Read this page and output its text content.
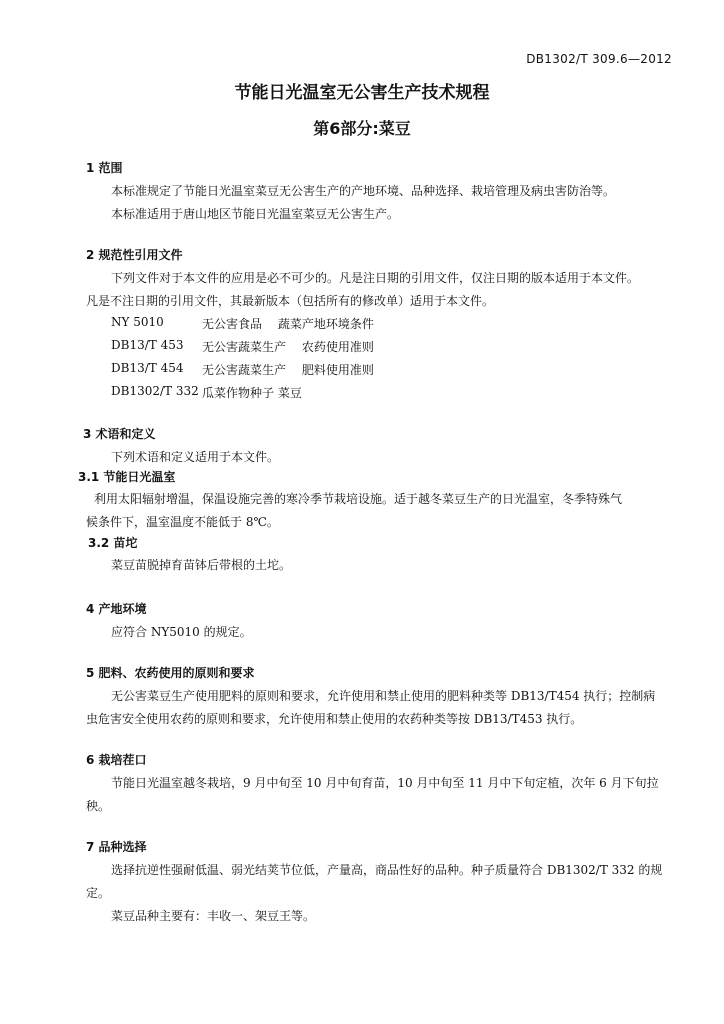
DB1302/T 309.6—2012
节能日光温室无公害生产技术规程
第6部分:菜豆
1 范围
本标准规定了节能日光温室菜豆无公害生产的产地环境、品种选择、栽培管理及病虫害防治等。
本标准适用于唐山地区节能日光温室菜豆无公害生产。
2 规范性引用文件
下列文件对于本文件的应用是必不可少的。凡是注日期的引用文件，仅注日期的版本适用于本文件。
凡是不注日期的引用文件，其最新版本（包括所有的修改单）适用于本文件。
NY 5010	无公害食品　 蔬菜产地环境条件
DB13/T 453 无公害蔬菜生产　 农药使用准则
DB13/T 454 无公害蔬菜生产　 肥料使用准则
DB1302/T 332 瓜菜作物种子 菜豆
3 术语和定义
下列术语和定义适用于本文件。
3.1 节能日光温室
利用太阳辐射增温，保温设施完善的寒冷季节栽培设施。适于越冬菜豆生产的日光温室，冬季特殊气
候条件下，温室温度不能低于 8℃。
3.2 苗坨
菜豆苗脱掉育苗钵后带根的土坨。
4 产地环境
应符合 NY5010 的规定。
5 肥料、农药使用的原则和要求
无公害菜豆生产使用肥料的原则和要求，允许使用和禁止使用的肥料种类等 DB13/T454 执行；控制病
虫危害安全使用农药的原则和要求，允许使用和禁止使用的农药种类等按 DB13/T453 执行。
6 栽培茬口
节能日光温室越冬栽培，9 月中旬至 10 月中旬育苗，10 月中旬至 11 月中下旬定植，次年 6 月下旬拉
秧。
7 品种选择
选择抗逆性强耐低温、弱光结荚节位低，产量高，商品性好的品种。种子质量符合 DB1302/T 332 的规
定。
菜豆品种主要有：丰收一、架豆王等。
